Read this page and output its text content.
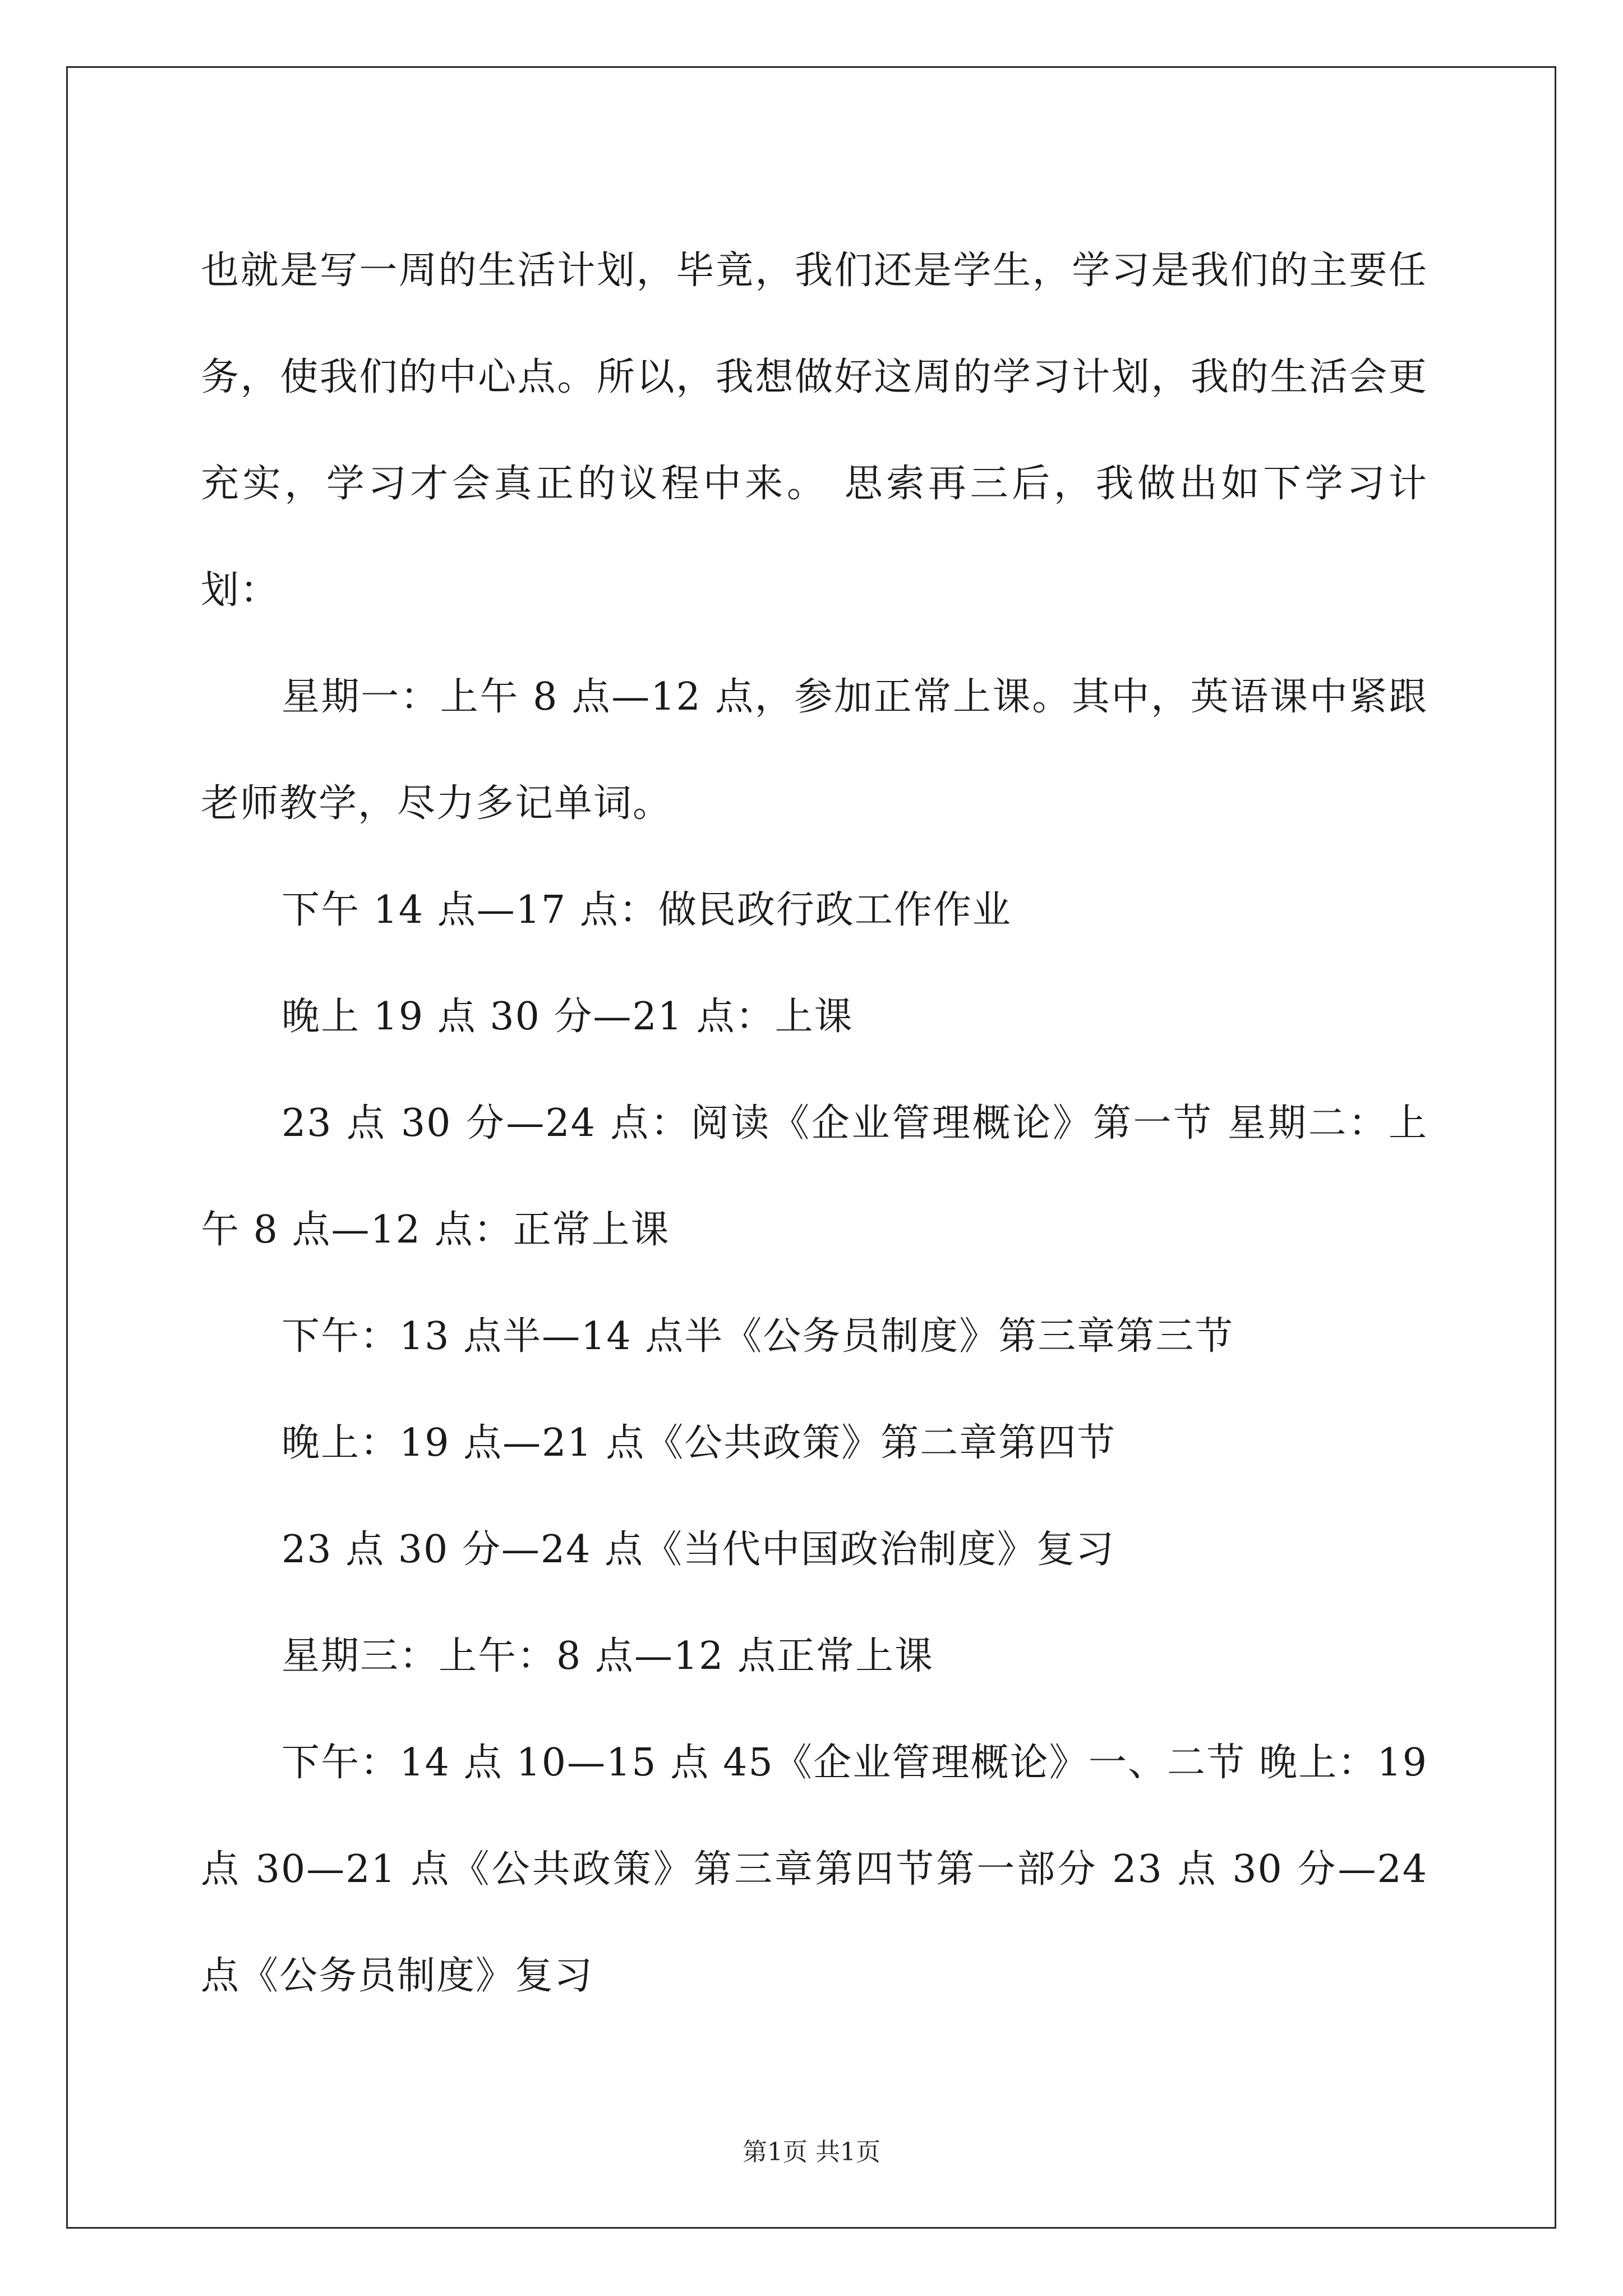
也就是写一周的生活计划，毕竟，我们还是学生，学习是我们的主要任务，使我们的中心点。所以，我想做好这周的学习计划，我的生活会更充实，学习才会真正的议程中来。 思索再三后，我做出如下学习计划：

星期一：上午 8 点—12 点，参加正常上课。其中，英语课中紧跟老师教学，尽力多记单词。

下午 14 点—17 点：做民政行政工作作业

晚上 19 点 30 分—21 点：上课

23 点 30 分—24 点：阅读《企业管理概论》第一节 星期二：上午 8 点—12 点：正常上课

下午：13 点半—14 点半《公务员制度》第三章第三节

晚上：19 点—21 点《公共政策》第二章第四节

23 点 30 分—24 点《当代中国政治制度》复习

星期三：上午：8 点—12 点正常上课

下午：14 点 10—15 点 45《企业管理概论》一、二节 晚上：19 点 30—21 点《公共政策》第三章第四节第一部分 23 点 30 分—24 点《公务员制度》复习

第1页 共1页
